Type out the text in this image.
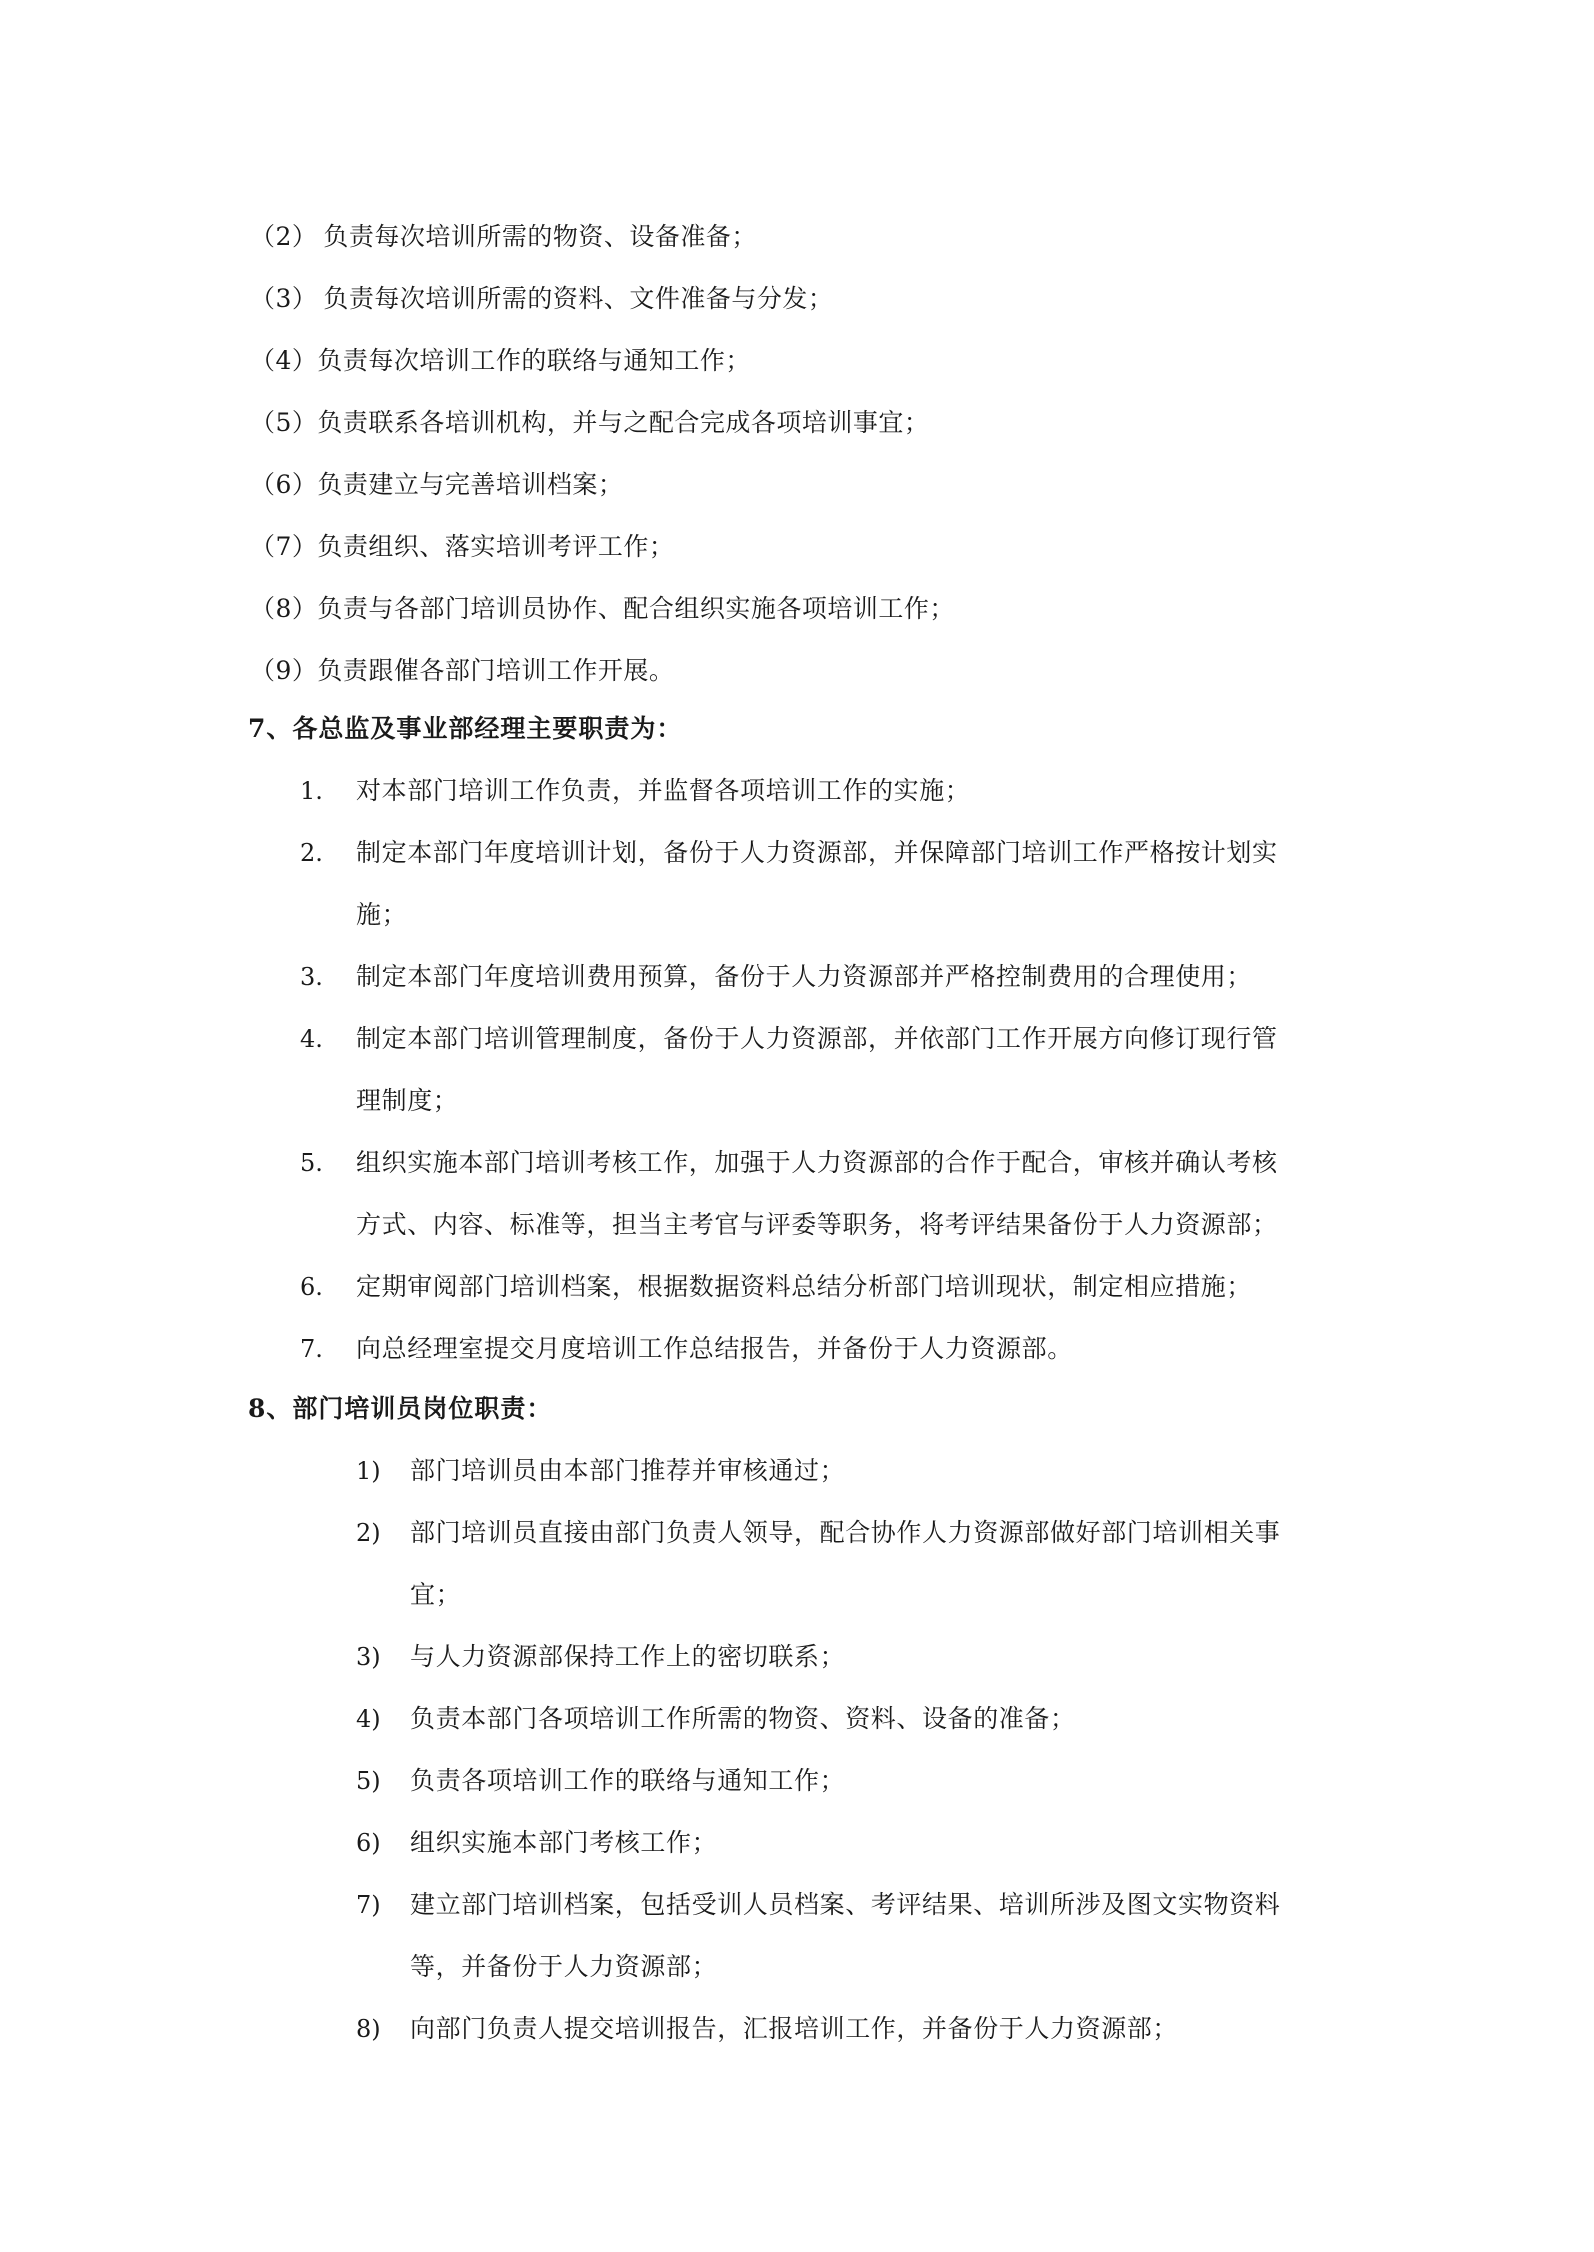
（2） 负责每次培训所需的物资、设备准备；
（3） 负责每次培训所需的资料、文件准备与分发；
（4）负责每次培训工作的联络与通知工作；
（5）负责联系各培训机构，并与之配合完成各项培训事宜；
（6）负责建立与完善培训档案；
（7）负责组织、落实培训考评工作；
（8）负责与各部门培训员协作、配合组织实施各项培训工作；
（9）负责跟催各部门培训工作开展。
7、各总监及事业部经理主要职责为：
1. 对本部门培训工作负责，并监督各项培训工作的实施；
2. 制定本部门年度培训计划，备份于人力资源部，并保障部门培训工作严格按计划实
施；
3. 制定本部门年度培训费用预算，备份于人力资源部并严格控制费用的合理使用；
4. 制定本部门培训管理制度，备份于人力资源部，并依部门工作开展方向修订现行管
理制度；
5. 组织实施本部门培训考核工作，加强于人力资源部的合作于配合，审核并确认考核
方式、内容、标准等，担当主考官与评委等职务，将考评结果备份于人力资源部；
6. 定期审阅部门培训档案，根据数据资料总结分析部门培训现状，制定相应措施；
7. 向总经理室提交月度培训工作总结报告，并备份于人力资源部。
8、部门培训员岗位职责：
1) 部门培训员由本部门推荐并审核通过；
2) 部门培训员直接由部门负责人领导，配合协作人力资源部做好部门培训相关事
宜；
3) 与人力资源部保持工作上的密切联系；
4) 负责本部门各项培训工作所需的物资、资料、设备的准备；
5) 负责各项培训工作的联络与通知工作；
6) 组织实施本部门考核工作；
7) 建立部门培训档案，包括受训人员档案、考评结果、培训所涉及图文实物资料
等，并备份于人力资源部；
8) 向部门负责人提交培训报告，汇报培训工作，并备份于人力资源部；
